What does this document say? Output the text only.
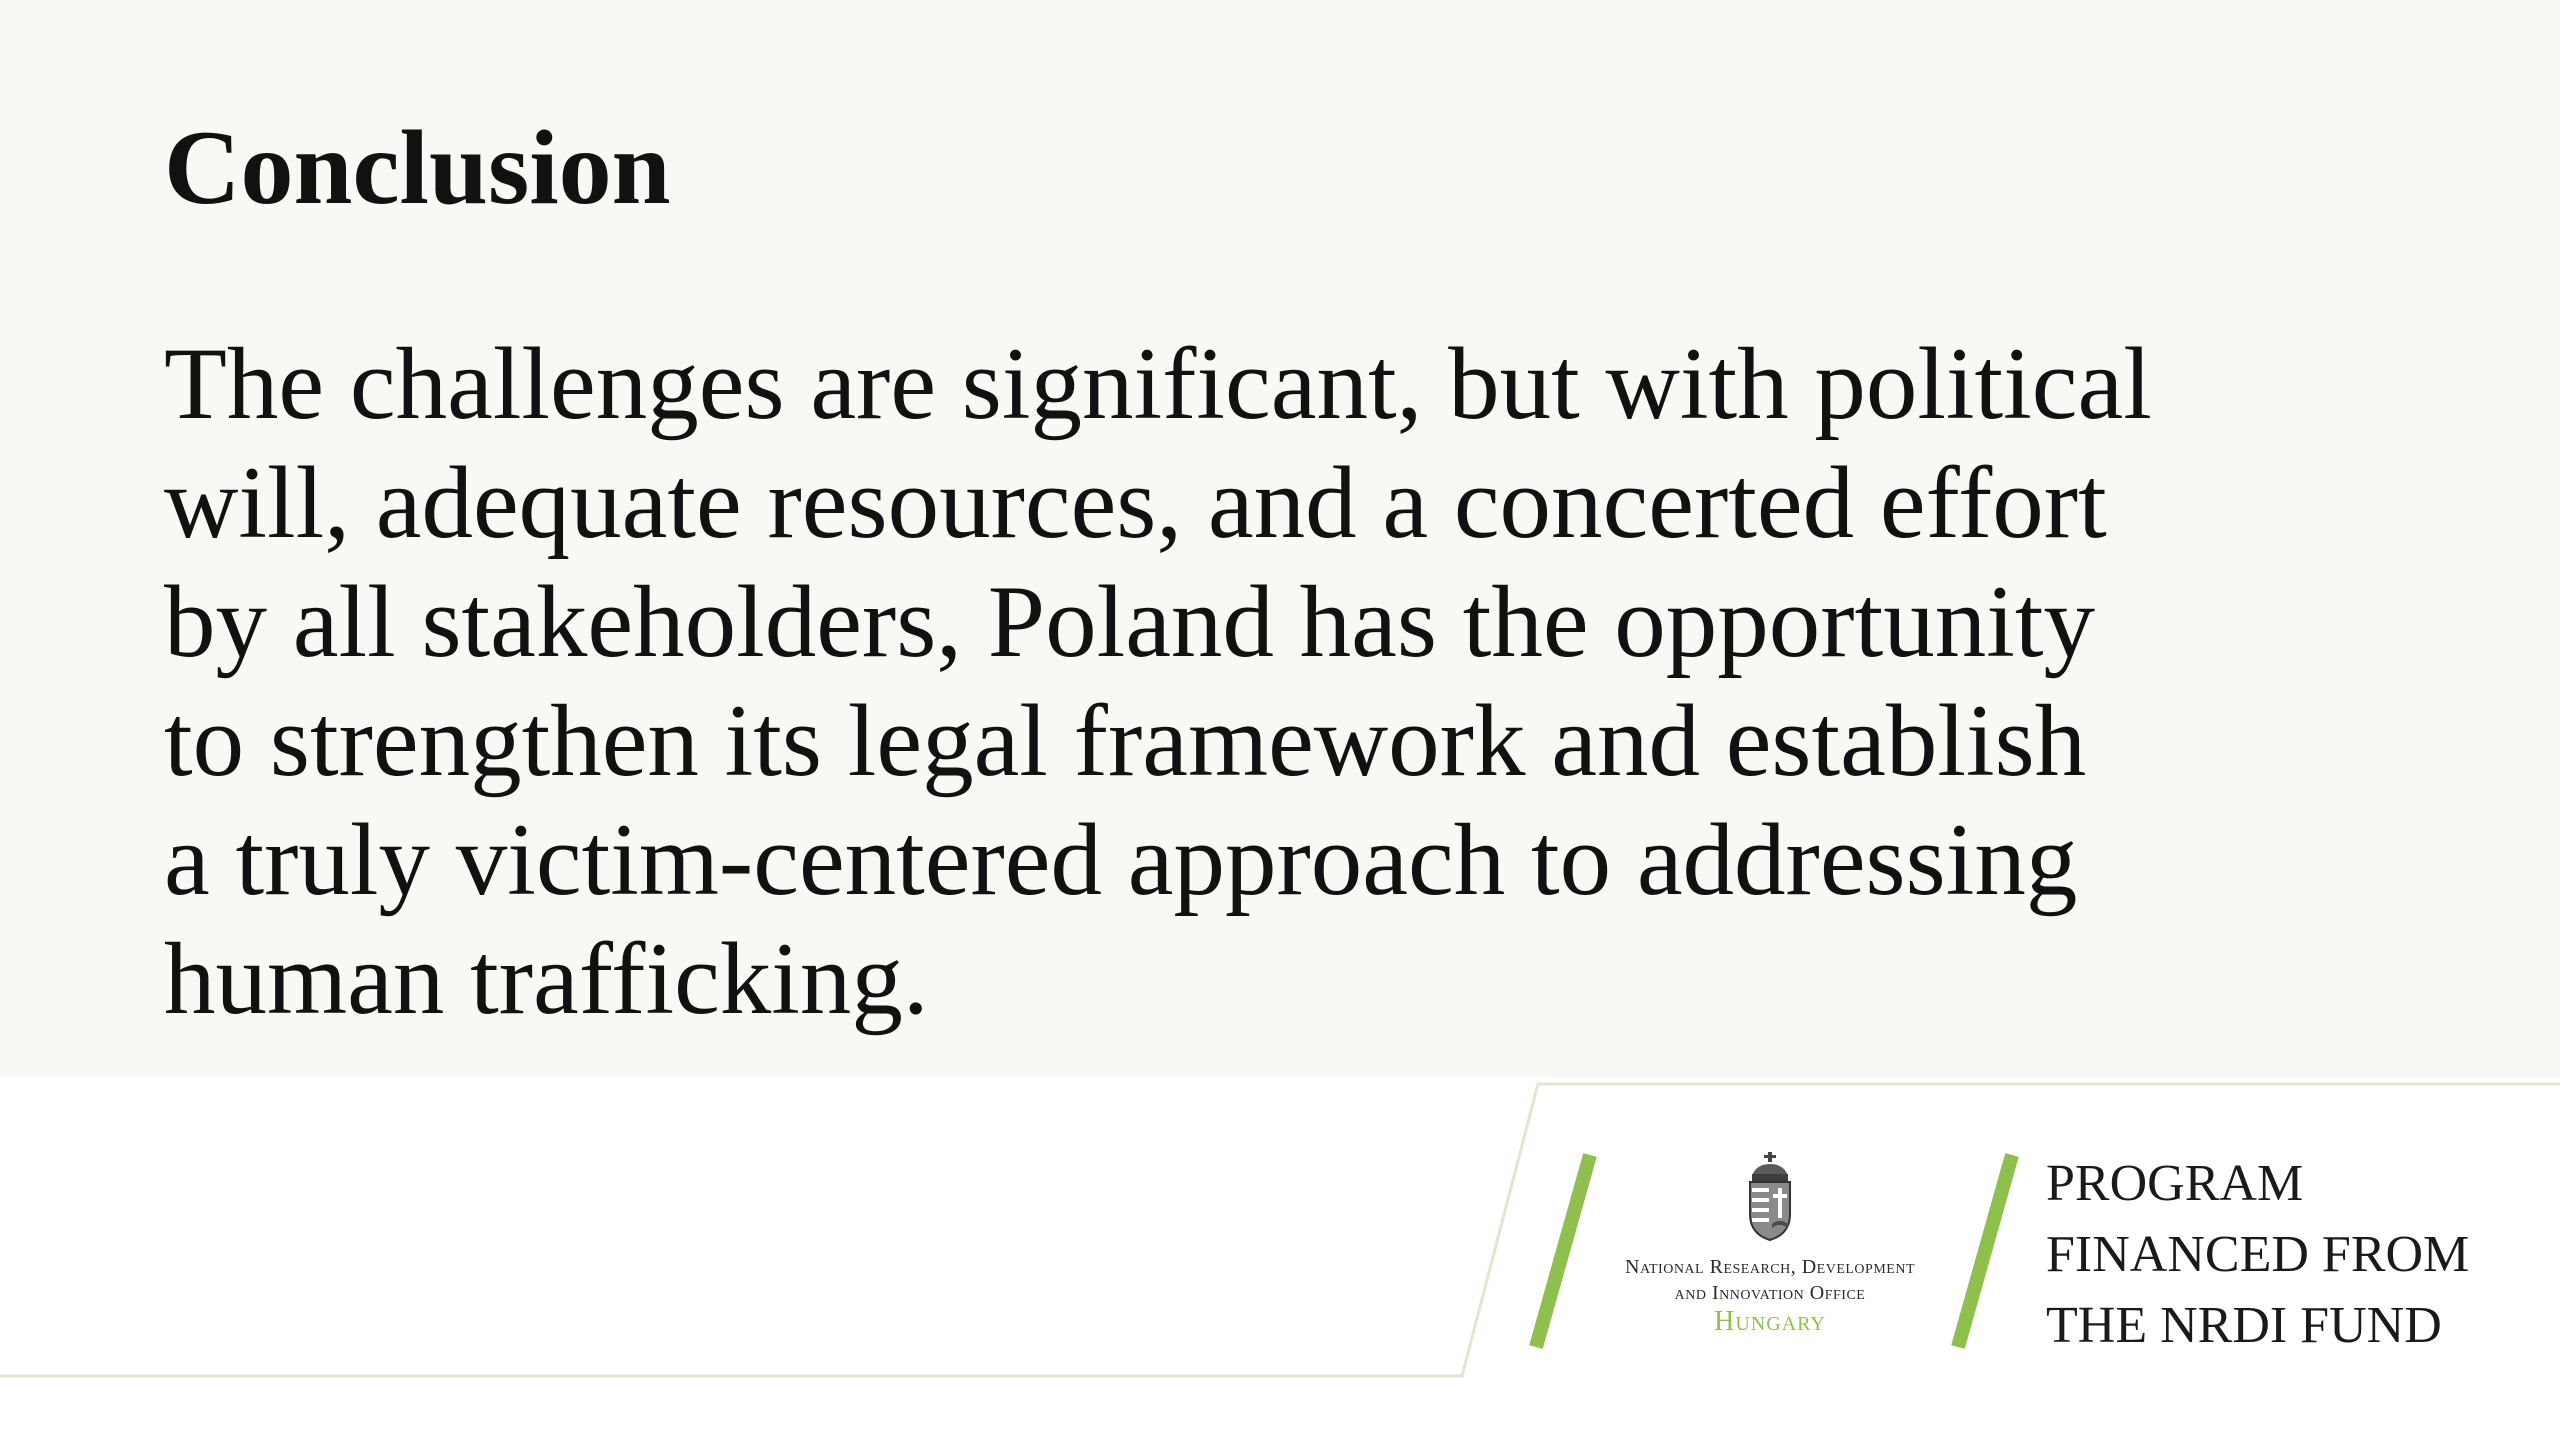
Conclusion
The challenges are significant, but with political
will, adequate resources, and a concerted effort
by all stakeholders, Poland has the opportunity
to strengthen its legal framework and establish
a truly victim-centered approach to addressing
human trafficking.
National Research, Development
and Innovation Office
Hungary
PROGRAM
FINANCED FROM
THE NRDI FUND
